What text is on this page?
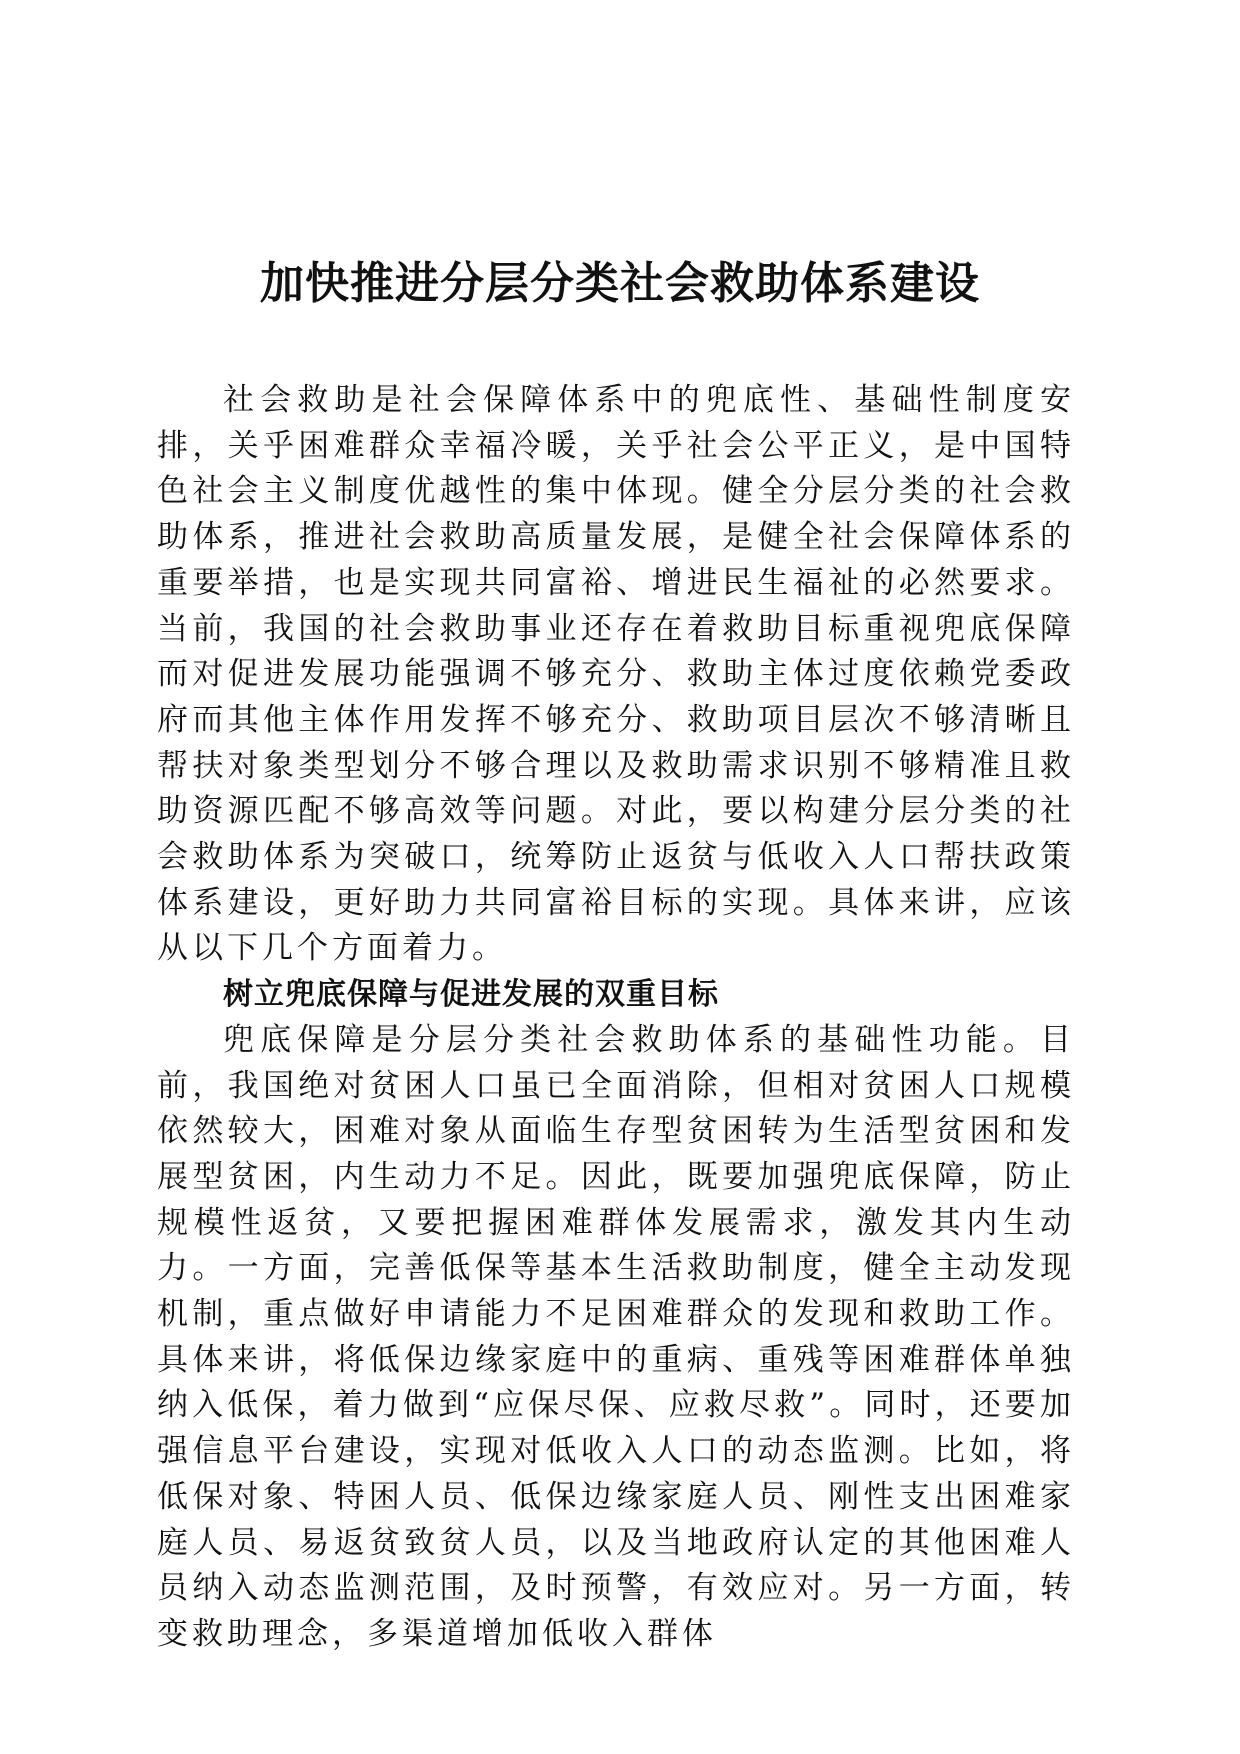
加快推进分层分类社会救助体系建设

社会救助是社会保障体系中的兜底性、基础性制度安排，关乎困难群众幸福冷暖，关乎社会公平正义，是中国特色社会主义制度优越性的集中体现。健全分层分类的社会救助体系，推进社会救助高质量发展，是健全社会保障体系的重要举措，也是实现共同富裕、增进民生福祉的必然要求。当前，我国的社会救助事业还存在着救助目标重视兜底保障而对促进发展功能强调不够充分、救助主体过度依赖党委政府而其他主体作用发挥不够充分、救助项目层次不够清晰且帮扶对象类型划分不够合理以及救助需求识别不够精准且救助资源匹配不够高效等问题。对此，要以构建分层分类的社会救助体系为突破口，统筹防止返贫与低收入人口帮扶政策体系建设，更好助力共同富裕目标的实现。具体来讲，应该从以下几个方面着力。

树立兜底保障与促进发展的双重目标

兜底保障是分层分类社会救助体系的基础性功能。目前，我国绝对贫困人口虽已全面消除，但相对贫困人口规模依然较大，困难对象从面临生存型贫困转为生活型贫困和发展型贫困，内生动力不足。因此，既要加强兜底保障，防止规模性返贫，又要把握困难群体发展需求，激发其内生动力。一方面，完善低保等基本生活救助制度，健全主动发现机制，重点做好申请能力不足困难群众的发现和救助工作。具体来讲，将低保边缘家庭中的重病、重残等困难群体单独纳入低保，着力做到“应保尽保、应救尽救”。同时，还要加强信息平台建设，实现对低收入人口的动态监测。比如，将低保对象、特困人员、低保边缘家庭人员、刚性支出困难家庭人员、易返贫致贫人员，以及当地政府认定的其他困难人员纳入动态监测范围，及时预警，有效应对。另一方面，转变救助理念，多渠道增加低收入群体
